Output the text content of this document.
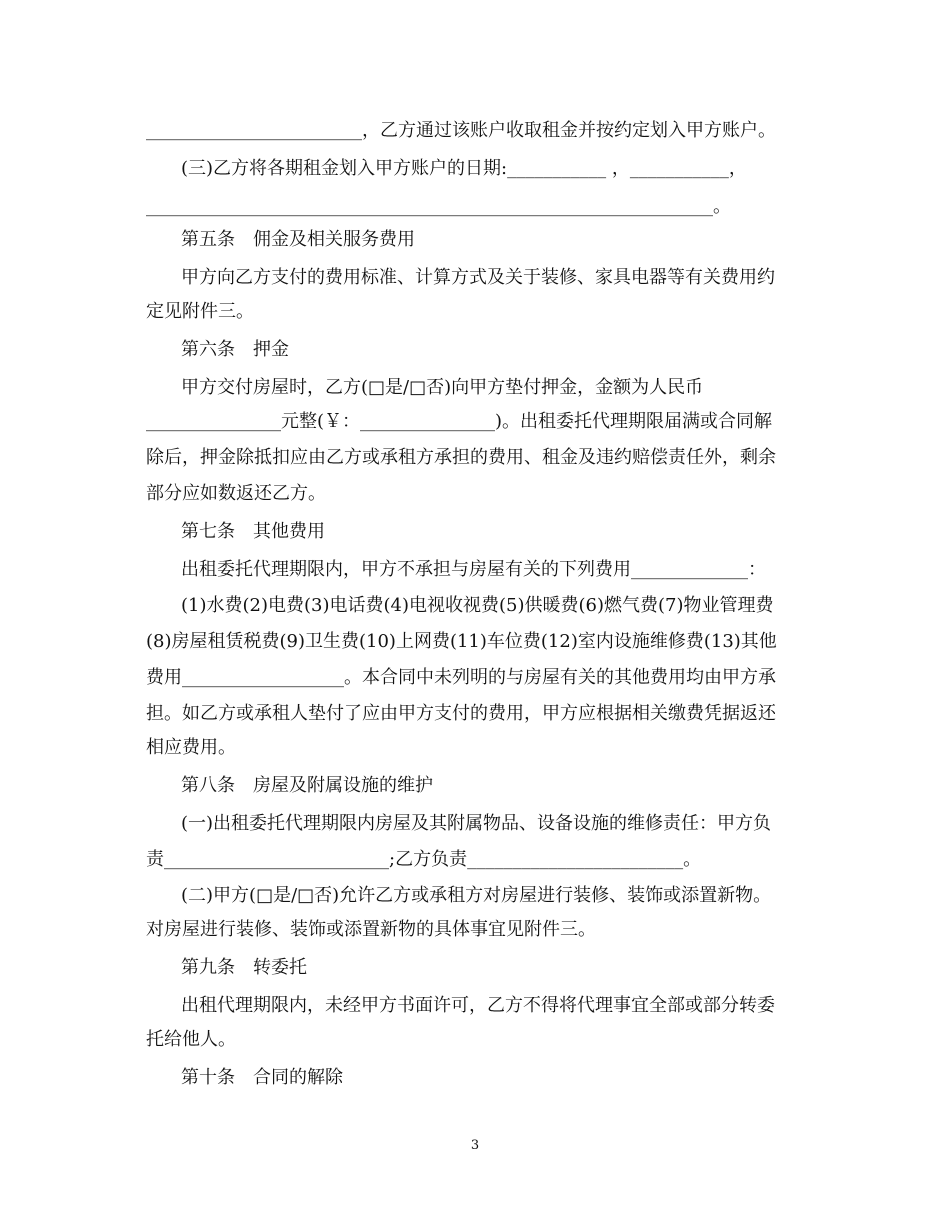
________________________，乙方通过该账户收取租金并按约定划入甲方账户。
(三)乙方将各期租金划入甲方账户的日期:___________ ，___________，
_______________________________________________________________。
第五条　佣金及相关服务费用
甲方向乙方支付的费用标准、计算方式及关于装修、家具电器等有关费用约
定见附件三。
第六条　押金
甲方交付房屋时，乙方(□是/□否)向甲方垫付押金，金额为人民币
_______________元整(￥：_______________)。出租委托代理期限届满或合同解
除后，押金除抵扣应由乙方或承租方承担的费用、租金及违约赔偿责任外，剩余
部分应如数返还乙方。
第七条　其他费用
出租委托代理期限内，甲方不承担与房屋有关的下列费用_____________：
(1)水费(2)电费(3)电话费(4)电视收视费(5)供暖费(6)燃气费(7)物业管理费
(8)房屋租赁税费(9)卫生费(10)上网费(11)车位费(12)室内设施维修费(13)其他
费用__________________。本合同中未列明的与房屋有关的其他费用均由甲方承
担。如乙方或承租人垫付了应由甲方支付的费用，甲方应根据相关缴费凭据返还
相应费用。
第八条　房屋及附属设施的维护
(一)出租委托代理期限内房屋及其附属物品、设备设施的维修责任：甲方负
责_________________________;乙方负责________________________。
(二)甲方(□是/□否)允许乙方或承租方对房屋进行装修、装饰或添置新物。
对房屋进行装修、装饰或添置新物的具体事宜见附件三。
第九条　转委托
出租代理期限内，未经甲方书面许可，乙方不得将代理事宜全部或部分转委
托给他人。
第十条　合同的解除
3
